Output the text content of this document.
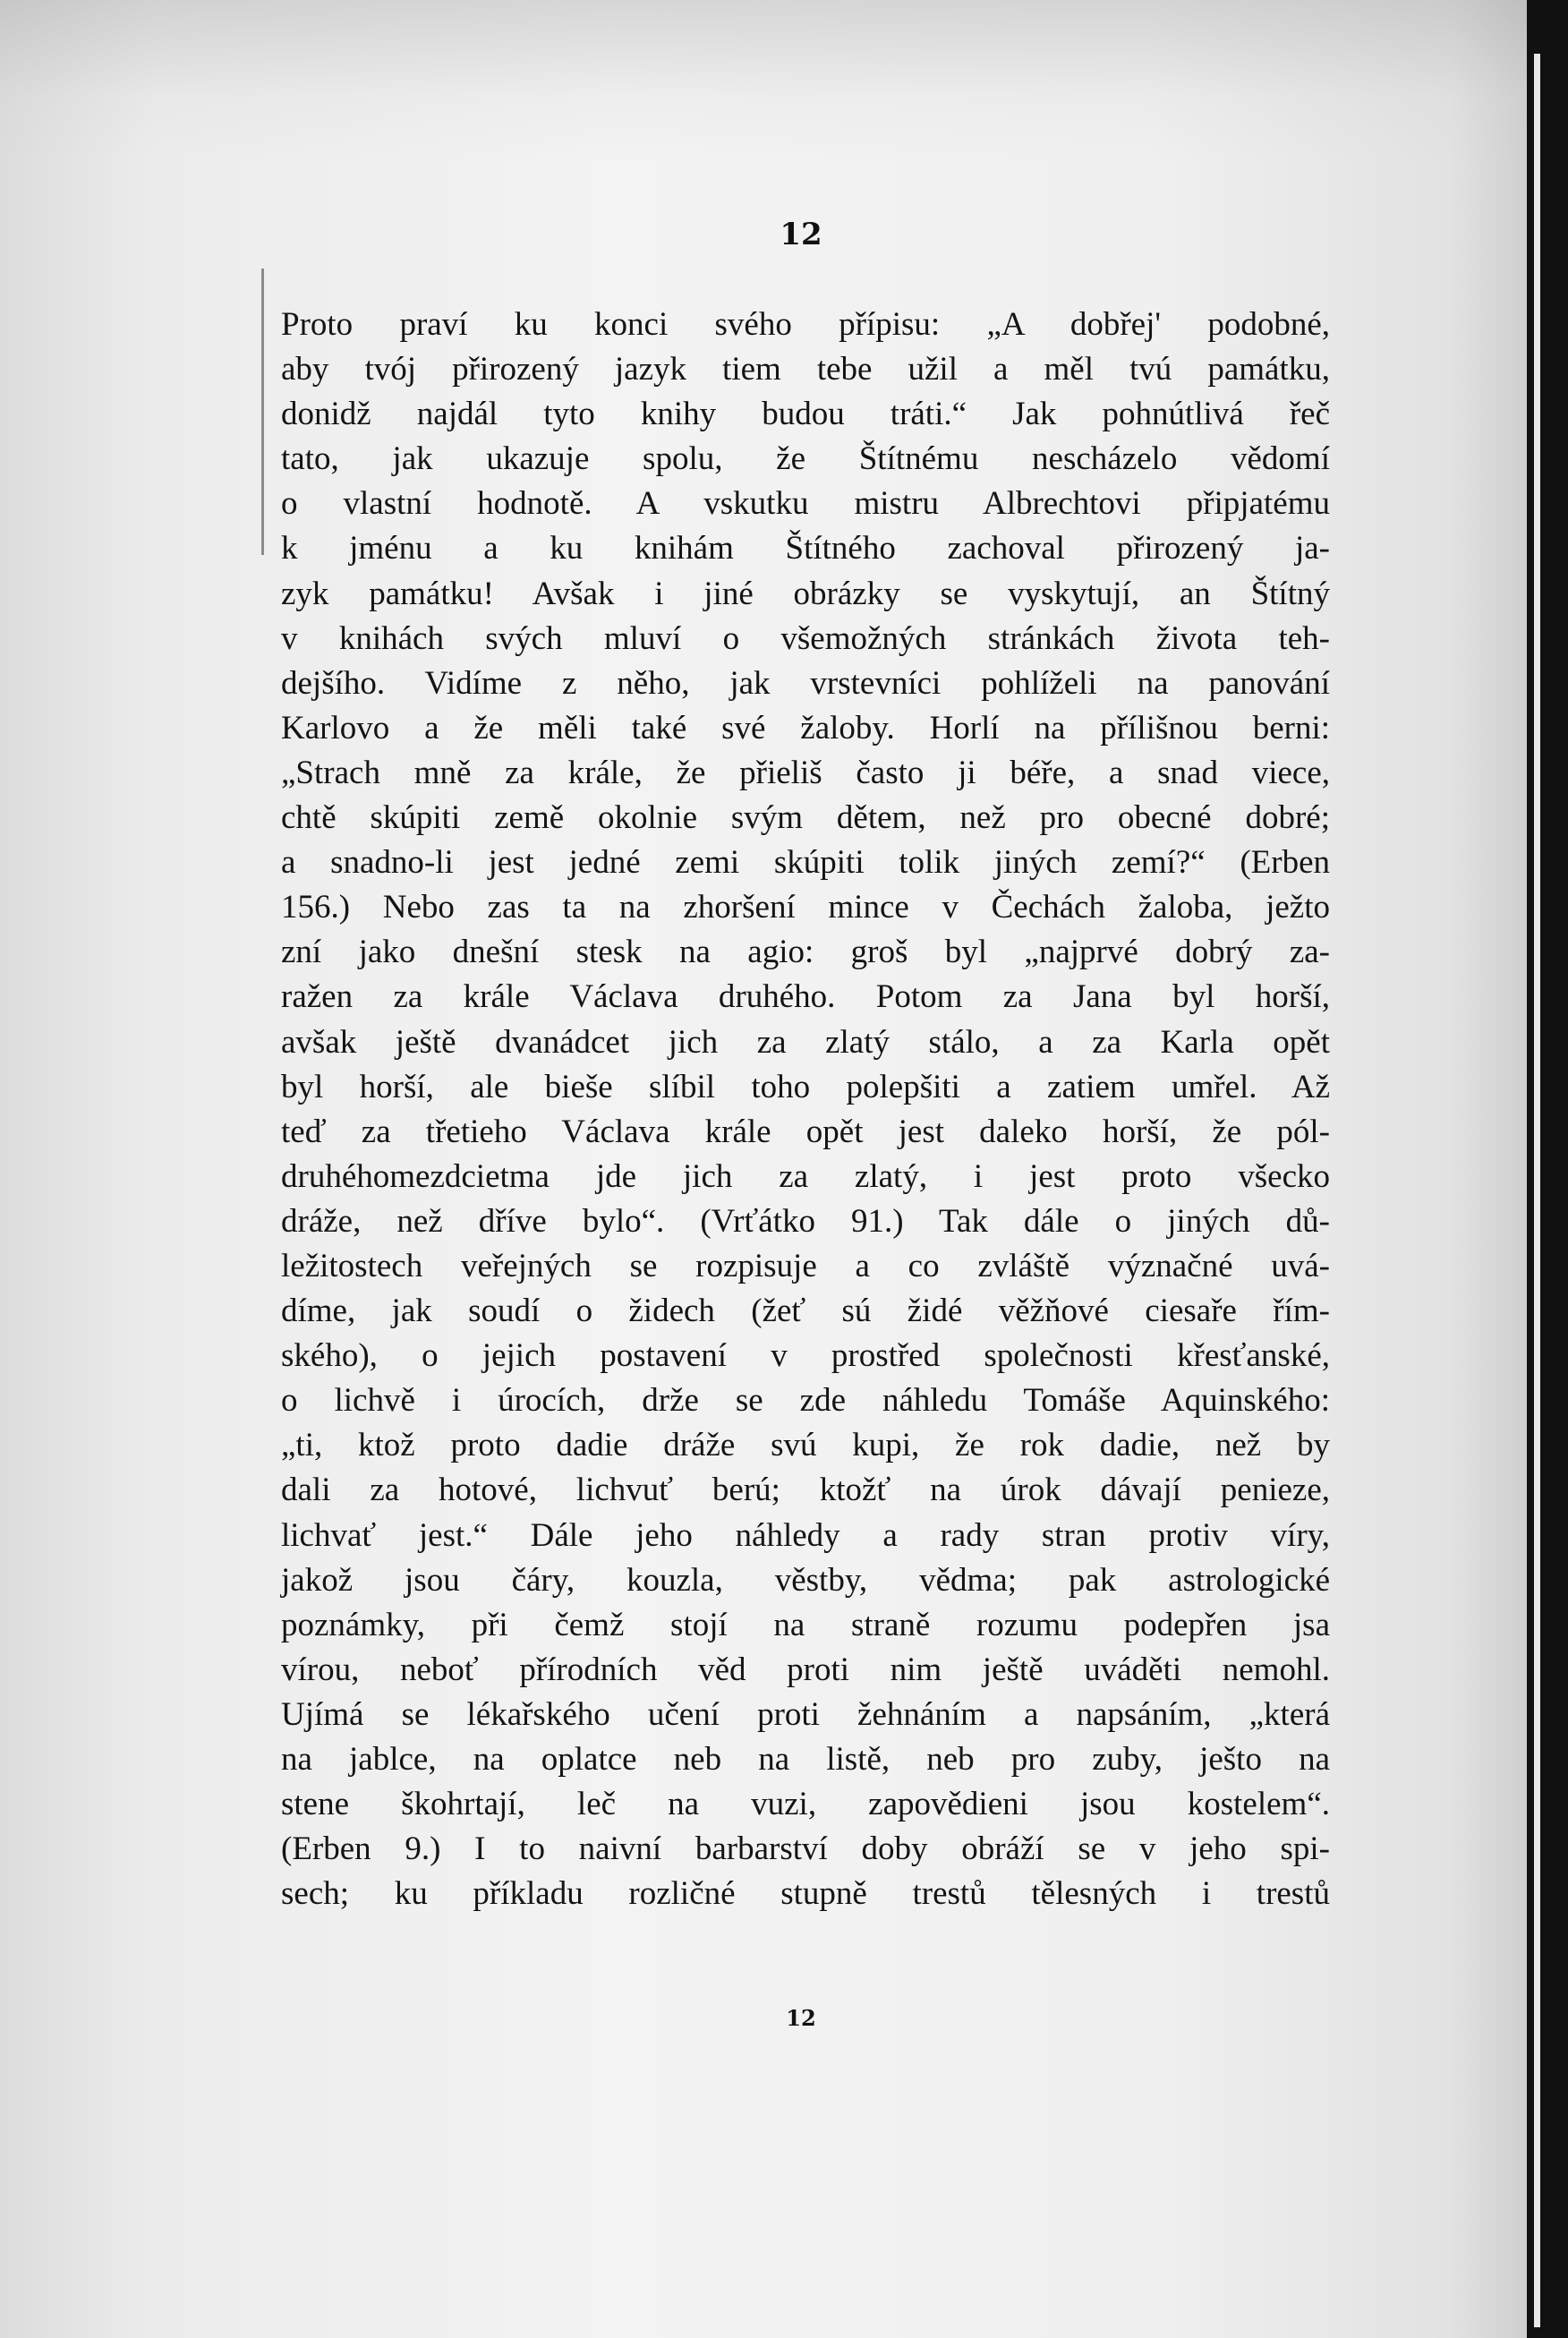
12
Proto praví ku konci svého přípisu: „A dobřej' podobné,
aby tvój přirozený jazyk tiem tebe užil a měl tvú památku,
donidž najdál tyto knihy budou tráti.“ Jak pohnútlivá řeč
tato, jak ukazuje spolu, že Štítnému nescházelo vědomí
o vlastní hodnotě. A vskutku mistru Albrechtovi připjatému
k jménu a ku knihám Štítného zachoval přirozený ja-
zyk památku! Avšak i jiné obrázky se vyskytují, an Štítný
v knihách svých mluví o všemožných stránkách života teh-
dejšího. Vidíme z něho, jak vrstevníci pohlíželi na panování
Karlovo a že měli také své žaloby. Horlí na přílišnou berni:
„Strach mně za krále, že přieliš často ji béře, a snad viece,
chtě skúpiti země okolnie svým dětem, než pro obecné dobré;
a snadno-li jest jedné zemi skúpiti tolik jiných zemí?“ (Erben
156.) Nebo zas ta na zhoršení mince v Čechách žaloba, ježto
zní jako dnešní stesk na agio: groš byl „najprvé dobrý za-
ražen za krále Václava druhého. Potom za Jana byl horší,
avšak ještě dvanádcet jich za zlatý stálo, a za Karla opět
byl horší, ale bieše slíbil toho polepšiti a zatiem umřel. Až
teď za třetieho Václava krále opět jest daleko horší, že pól-
druhéhomezdcietma jde jich za zlatý, i jest proto všecko
dráže, než dříve bylo“. (Vrťátko 91.) Tak dále o jiných dů-
ležitostech veřejných se rozpisuje a co zvláště význačné uvá-
díme, jak soudí o židech (žeť sú židé věžňové ciesaře řím-
ského), o jejich postavení v prostřed společnosti křesťanské,
o lichvě i úrocích, drže se zde náhledu Tomáše Aquinského:
„ti, ktož proto dadie dráže svú kupi, že rok dadie, než by
dali za hotové, lichvuť berú; ktožť na úrok dávají penieze,
lichvať jest.“ Dále jeho náhledy a rady stran protiv víry,
jakož jsou čáry, kouzla, věstby, vědma; pak astrologické
poznámky, při čemž stojí na straně rozumu podepřen jsa
vírou, neboť přírodních věd proti nim ještě uváděti nemohl.
Ujímá se lékařského učení proti žehnáním a napsáním, „která
na jablce, na oplatce neb na listě, neb pro zuby, ješto na
stene škohrtají, leč na vuzi, zapovědieni jsou kostelem“.
(Erben 9.) I to naivní barbarství doby obráží se v jeho spi-
sech; ku příkladu rozličné stupně trestů tělesných i trestů
12
